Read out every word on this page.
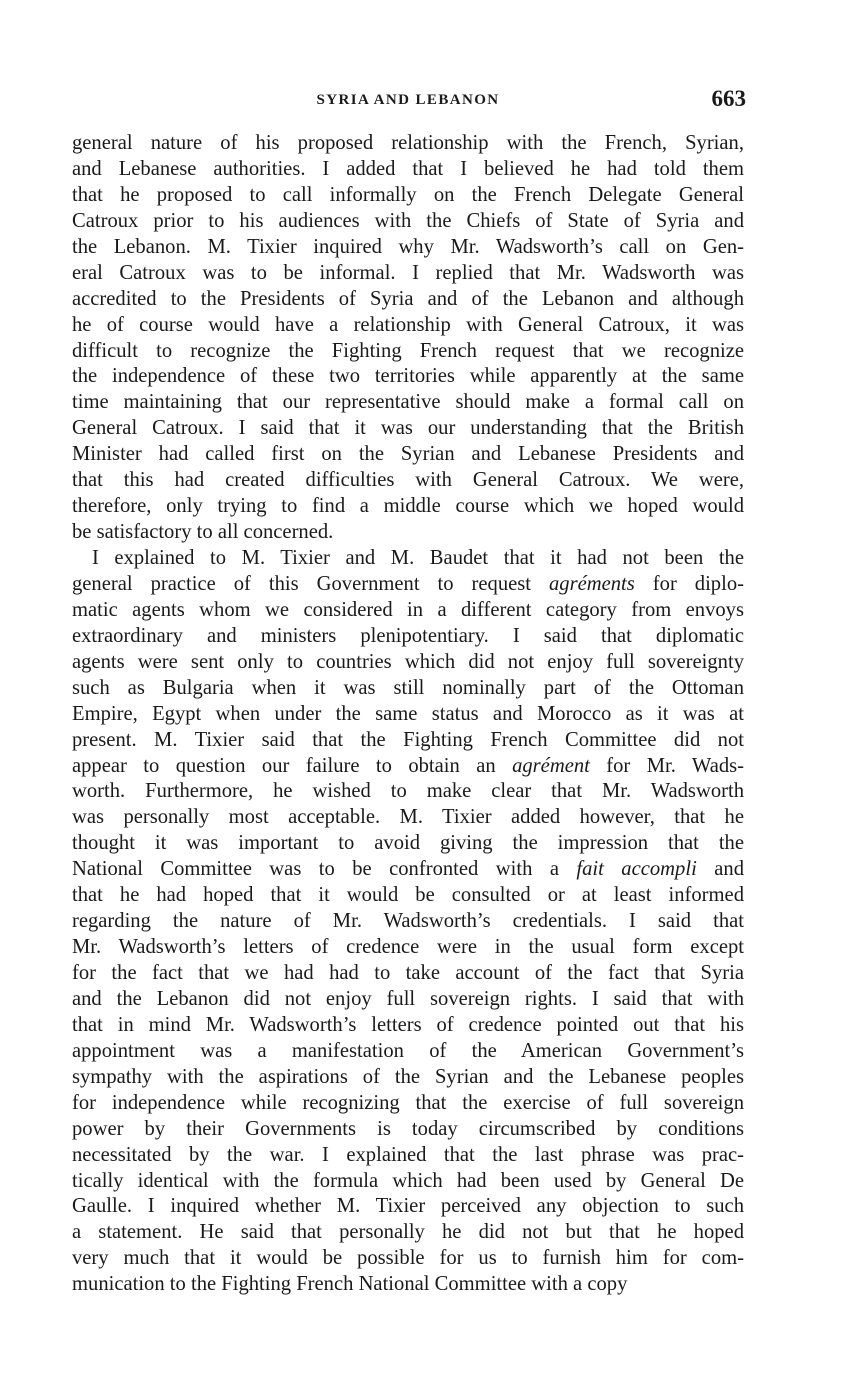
SYRIA AND LEBANON	663
general nature of his proposed relationship with the French, Syrian,
and Lebanese authorities. I added that I believed he had told them
that he proposed to call informally on the French Delegate General
Catroux prior to his audiences with the Chiefs of State of Syria and
the Lebanon. M. Tixier inquired why Mr. Wadsworth’s call on Gen-
eral Catroux was to be informal. I replied that Mr. Wadsworth was
accredited to the Presidents of Syria and of the Lebanon and although
he of course would have a relationship with General Catroux, it was
difficult to recognize the Fighting French request that we recognize
the independence of these two territories while apparently at the same
time maintaining that our representative should make a formal call on
General Catroux. I said that it was our understanding that the British
Minister had called first on the Syrian and Lebanese Presidents and
that this had created difficulties with General Catroux. We were,
therefore, only trying to find a middle course which we hoped would
be satisfactory to all concerned.
I explained to M. Tixier and M. Baudet that it had not been the
general practice of this Government to request agréments for diplo-
matic agents whom we considered in a different category from envoys
extraordinary and ministers plenipotentiary. I said that diplomatic
agents were sent only to countries which did not enjoy full sovereignty
such as Bulgaria when it was still nominally part of the Ottoman
Empire, Egypt when under the same status and Morocco as it was at
present. M. Tixier said that the Fighting French Committee did not
appear to question our failure to obtain an agrément for Mr. Wads-
worth. Furthermore, he wished to make clear that Mr. Wadsworth
was personally most acceptable. M. Tixier added however, that he
thought it was important to avoid giving the impression that the
National Committee was to be confronted with a fait accompli and
that he had hoped that it would be consulted or at least informed
regarding the nature of Mr. Wadsworth’s credentials. I said that
Mr. Wadsworth’s letters of credence were in the usual form except
for the fact that we had had to take account of the fact that Syria
and the Lebanon did not enjoy full sovereign rights. I said that with
that in mind Mr. Wadsworth’s letters of credence pointed out that his
appointment was a manifestation of the American Government’s
sympathy with the aspirations of the Syrian and the Lebanese peoples
for independence while recognizing that the exercise of full sovereign
power by their Governments is today circumscribed by conditions
necessitated by the war. I explained that the last phrase was prac-
tically identical with the formula which had been used by General De
Gaulle. I inquired whether M. Tixier perceived any objection to such
a statement. He said that personally he did not but that he hoped
very much that it would be possible for us to furnish him for com-
munication to the Fighting French National Committee with a copy
